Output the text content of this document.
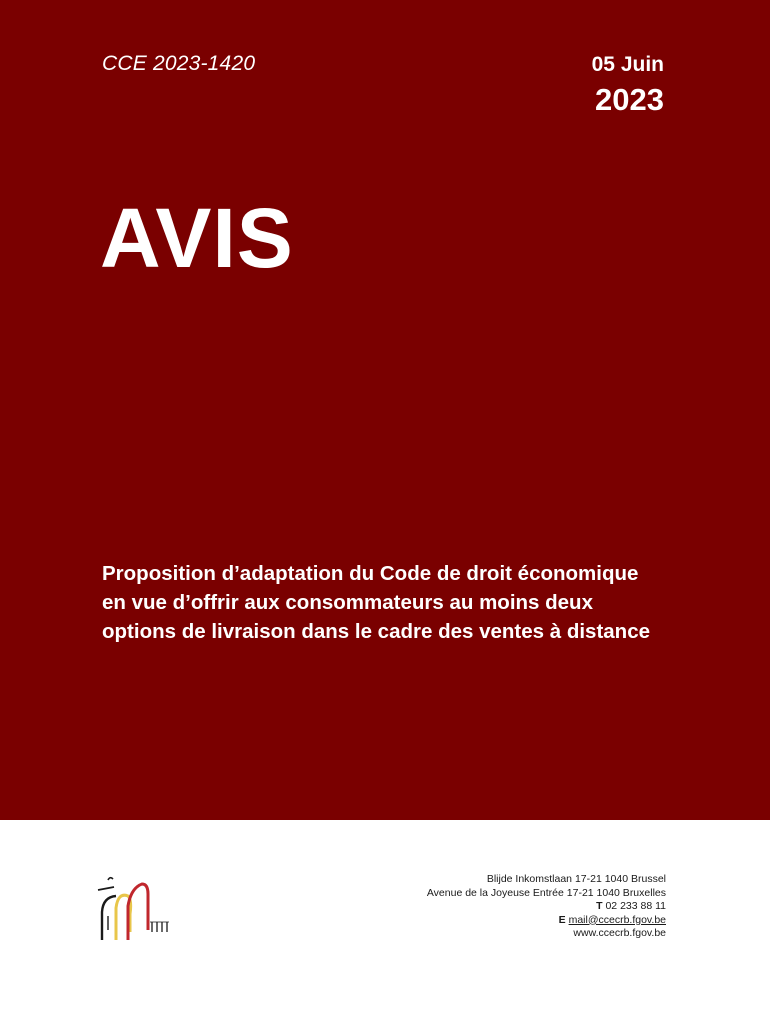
CCE 2023-1420	05 Juin
2023
AVIS
Proposition d’adaptation du Code de droit économique en vue d’offrir aux consommateurs au moins deux options de livraison dans le cadre des ventes à distance
Blijde Inkomstlaan 17-21 1040 Brussel
Avenue de la Joyeuse Entrée 17-21 1040 Bruxelles
T 02 233 88 11
E mail@ccecrb.fgov.be
www.ccecrb.fgov.be
